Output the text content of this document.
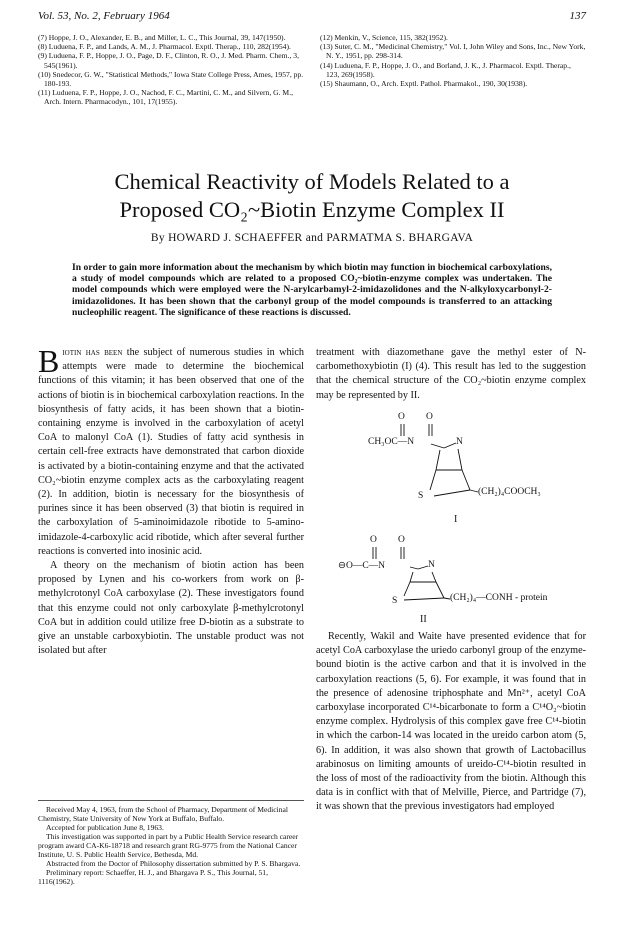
Vol. 53, No. 2, February 1964	137
(7) Hoppe, J. O., Alexander, E. B., and Miller, L. C., This Journal, 39, 147(1950).
(8) Luduena, F. P., and Lands, A. M., J. Pharmacol. Exptl. Therap., 110, 282(1954).
(9) Luduena, F. P., Hoppe, J. O., Page, D. F., Clinton, R. O., J. Med. Pharm. Chem., 3, 545(1961).
(10) Snedecor, G. W., "Statistical Methods," Iowa State College Press, Ames, 1957, pp. 180-193.
(11) Luduena, F. P., Hoppe, J. O., Nachod, F. C., Martini, C. M., and Silvern, G. M., Arch. Intern. Pharmacodyn., 101, 17(1955).
(12) Menkin, V., Science, 115, 382(1952).
(13) Suter, C. M., "Medicinal Chemistry," Vol. I, John Wiley and Sons, Inc., New York, N. Y., 1951, pp. 298-314.
(14) Luduena, F. P., Hoppe, J. O., and Borland, J. K., J. Pharmacol. Exptl. Therap., 123, 269(1958).
(15) Shaumann, O., Arch. Exptl. Pathol. Pharmakol., 190, 30(1938).
Chemical Reactivity of Models Related to a
Proposed CO₂~Biotin Enzyme Complex II
By HOWARD J. SCHAEFFER and PARMATMA S. BHARGAVA
In order to gain more information about the mechanism by which biotin may function in biochemical carboxylations, a study of model compounds which are related to a proposed CO₂~biotin-enzyme complex was undertaken. The model compounds which were employed were the N-arylcarbamyl-2-imidazolidones and the N-alkyloxycarbonyl-2-imidazolidones. It has been shown that the carbonyl group of the model compounds is transferred to an attacking nucleophilic reagent. The significance of these reactions is discussed.

Biotin has been the subject of numerous studies in which attempts were made to determine the biochemical functions of this vitamin; it has been observed that one of the actions of biotin is in biochemical carboxylation reactions. In the biosynthesis of fatty acids, it has been shown that a biotin-containing enzyme is involved in the carboxylation of acetyl CoA to malonyl CoA (1). Studies of fatty acid synthesis in certain cell-free extracts have demonstrated that carbon dioxide is activated by a biotin-containing enzyme and that the activated CO₂~biotin enzyme complex acts as the carboxylating reagent (2). In addition, biotin is necessary for the biosynthesis of purines since it has been observed (3) that biotin is required in the carboxylation of 5-aminoimidazole ribotide to 5-amino-imidazole-4-carboxylic acid ribotide, which after several further reactions is converted into inosinic acid.

A theory on the mechanism of biotin action has been proposed by Lynen and his co-workers from work on β-methylcrotonyl CoA carboxylase (2). These investigators found that this enzyme could not only carboxylate β-methylcrotonyl CoA but in addition could utilize free D-biotin as a substrate to give an unstable carboxybiotin. The unstable product was not isolated but after

Received May 4, 1963, from the School of Pharmacy, Department of Medicinal Chemistry, State University of New York at Buffalo, Buffalo.
Accepted for publication June 8, 1963.
This investigation was supported in part by a Public Health Service research career program award CA-K6-18718 and research grant RG-9775 from the National Cancer Institute, U. S. Public Health Service, Bethesda, Md.
Abstracted from the Doctor of Philosophy dissertation submitted by P. S. Bhargava.
Preliminary report: Schaeffer, H. J., and Bhargava P. S., This Journal, 51, 1116(1962).

treatment with diazomethane gave the methyl ester of N-carbomethoxybiotin (I) (4). This result has led to the suggestion that the chemical structure of the CO₂~biotin enzyme complex may be represented by II.

O O
CH₃OC—N	N
S	(CH₂)₄COOCH₃
I
O O
⊖O—C—N	N
S	(CH₂)₄—CONH - protein
II

Recently, Wakil and Waite have presented evidence that for acetyl CoA carboxylase the uriedo carbonyl group of the enzyme-bound biotin is the active carbon and that it is involved in the carboxylation reactions (5, 6). For example, it was found that in the presence of adenosine triphosphate and Mn²⁺, acetyl CoA carboxylase incorporated C¹⁴-bicarbonate to form a C¹⁴O₂~biotin enzyme complex. Hydrolysis of this complex gave free C¹⁴-biotin in which the carbon-14 was located in the ureido carbon atom (5, 6). In addition, it was also shown that growth of Lactobacillus arabinosus on limiting amounts of ureido-C¹⁴-biotin resulted in the loss of most of the radioactivity from the biotin. Although this data is in conflict with that of Melville, Pierce, and Partridge (7), it was shown that the previous investigators had employed
